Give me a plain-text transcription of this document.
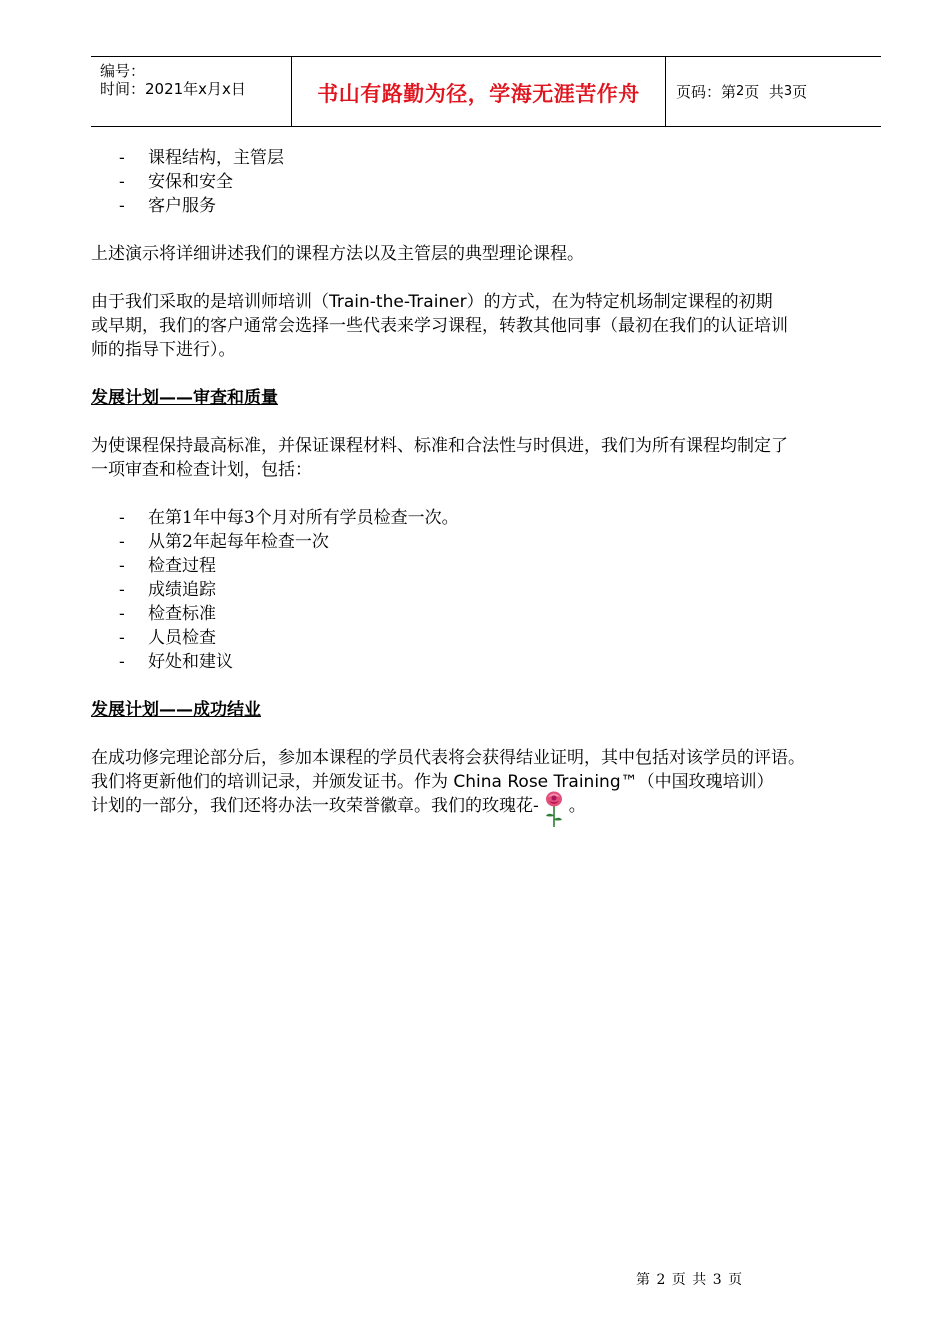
编号：
时间：2021年x月x日	书山有路勤为径，学海无涯苦作舟 页码：第 2 页  共 3 页
- 课程结构，主管层
- 安保和安全
- 客户服务

上述演示将详细讲述我们的课程方法以及主管层的典型理论课程。

由于我们采取的是培训师培训（Train-the-Trainer）的方式，在为特定机场制定课程的初期
或早期，我们的客户通常会选择一些代表来学习课程，转教其他同事（最初在我们的认证培训
师的指导下进行）。

发展计划——审查和质量

为使课程保持最高标准，并保证课程材料、标准和合法性与时俱进，我们为所有课程均制定了
一项审查和检查计划，包括：

- 在第1年中每3个月对所有学员检查一次。
- 从第2年起每年检查一次
- 检查过程
- 成绩追踪
- 检查标准
- 人员检查
- 好处和建议

发展计划——成功结业

在成功修完理论部分后，参加本课程的学员代表将会获得结业证明，其中包括对该学员的评语。
我们将更新他们的培训记录，并颁发证书。作为 China Rose Training™（中国玫瑰培训）
计划的一部分，我们还将办法一玫荣誉徽章。我们的玫瑰花- 。

第 2 页 共 3 页
